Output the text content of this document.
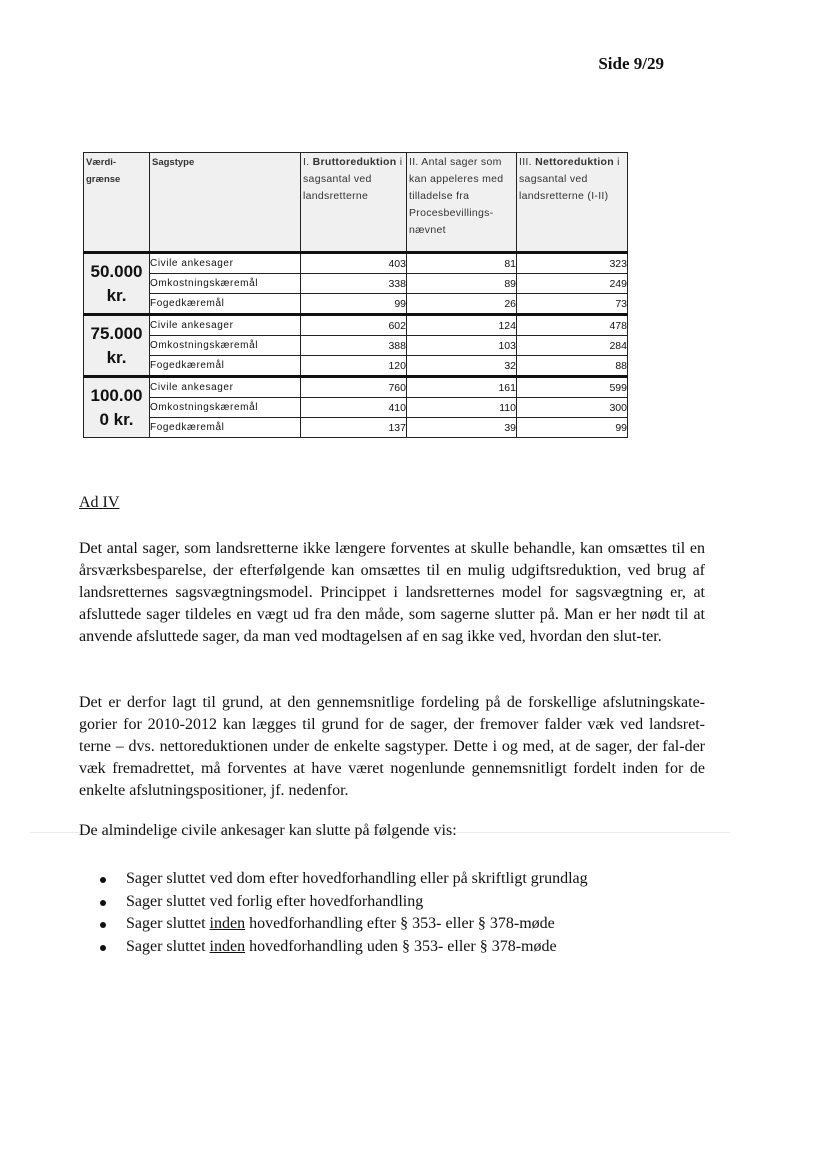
Side 9/29
Værdi-grænse	Sagstype	I. Bruttoreduktion i sagsantal ved landsretterne	II. Antal sager som kan appeleres med tilladelse fra Procesbevillings-nævnet	III. Nettoreduktion i sagsantal ved landsretterne (I-II)

50.000
kr.	Civile ankesager	403	81	323
	Omkostningskæremål	338	89	249
	Fogedkæremål	99	26	73

75.000
kr.	Civile ankesager	602	124	478
	Omkostningskæremål	388	103	284
	Fogedkæremål	120	32	88

100.00
0 kr.	Civile ankesager	760	161	599
	Omkostningskæremål	410	110	300
	Fogedkæremål	137	39	99
Ad IV

Det antal sager, som landsretterne ikke længere forventes at skulle behandle, kan omsættes til en årsværksbesparelse, der efterfølgende kan omsættes til en mulig udgiftsreduktion, ved brug af landsretternes sagsvægtningsmodel. Princippet i landsretternes model for sagsvægtning er, at afsluttede sager tildeles en vægt ud fra den måde, som sagerne slutter på. Man er her nødt til at anvende afsluttede sager, da man ved modtagelsen af en sag ikke ved, hvordan den slut-ter.

Det er derfor lagt til grund, at den gennemsnitlige fordeling på de forskellige afslutningskate-gorier for 2010-2012 kan lægges til grund for de sager, der fremover falder væk ved landsret-terne – dvs. nettoreduktionen under de enkelte sagstyper. Dette i og med, at de sager, der fal-der væk fremadrettet, må forventes at have været nogenlunde gennemsnitligt fordelt inden for de enkelte afslutningspositioner, jf. nedenfor.

De almindelige civile ankesager kan slutte på følgende vis:

Sager sluttet ved dom efter hovedforhandling eller på skriftligt grundlag
Sager sluttet ved forlig efter hovedforhandling
Sager sluttet inden hovedforhandling efter § 353- eller § 378-møde
Sager sluttet inden hovedforhandling uden § 353- eller § 378-møde
